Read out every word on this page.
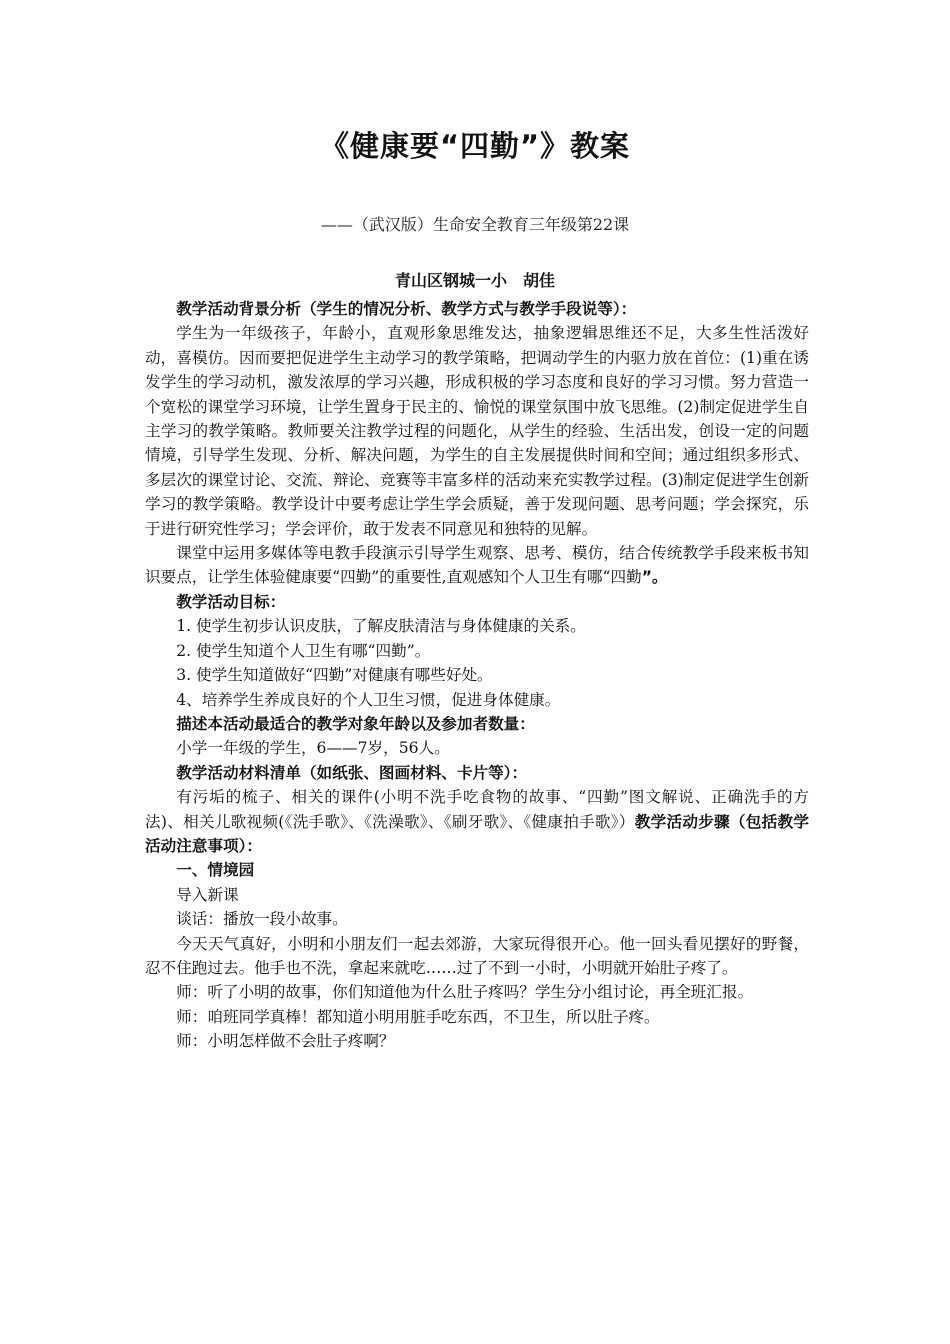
《健康要“四勤”》教案
——（武汉版）生命安全教育三年级第22课
青山区钢城一小　胡佳

教学活动背景分析（学生的情况分析、教学方式与教学手段说等）：

学生为一年级孩子，年龄小，直观形象思维发达，抽象逻辑思维还不足，大多生性活泼好动，喜模仿。因而要把促进学生主动学习的教学策略，把调动学生的内驱力放在首位：(1)重在诱发学生的学习动机，激发浓厚的学习兴趣，形成积极的学习态度和良好的学习习惯。努力营造一个宽松的课堂学习环境，让学生置身于民主的、愉悦的课堂氛围中放飞思维。(2)制定促进学生自主学习的教学策略。教师要关注教学过程的问题化，从学生的经验、生活出发，创设一定的问题情境，引导学生发现、分析、解决问题，为学生的自主发展提供时间和空间；通过组织多形式、多层次的课堂讨论、交流、辩论、竞赛等丰富多样的活动来充实教学过程。(3)制定促进学生创新学习的教学策略。教学设计中要考虑让学生学会质疑，善于发现问题、思考问题；学会探究，乐于进行研究性学习；学会评价，敢于发表不同意见和独特的见解。

课堂中运用多媒体等电教手段演示引导学生观察、思考、模仿，结合传统教学手段来板书知识要点，让学生体验健康要“四勤”的重要性,直观感知个人卫生有哪“四勤”。

教学活动目标：

1. 使学生初步认识皮肤，了解皮肤清洁与身体健康的关系。

2. 使学生知道个人卫生有哪“四勤”。

3. 使学生知道做好“四勤”对健康有哪些好处。

4、培养学生养成良好的个人卫生习惯，促进身体健康。

描述本活动最适合的教学对象年龄以及参加者数量：

小学一年级的学生，6——7岁，56人。

教学活动材料清单（如纸张、图画材料、卡片等）：

有污垢的梳子、相关的课件(小明不洗手吃食物的故事、“四勤”图文解说、正确洗手的方法)、相关儿歌视频(《洗手歌》、《洗澡歌》、《刷牙歌》、《健康拍手歌》）教学活动步骤（包括教学活动注意事项）：

一、情境园

导入新课

谈话：播放一段小故事。

今天天气真好，小明和小朋友们一起去郊游，大家玩得很开心。他一回头看见摆好的野餐，忍不住跑过去。他手也不洗，拿起来就吃……过了不到一小时，小明就开始肚子疼了。

师：听了小明的故事，你们知道他为什么肚子疼吗？学生分小组讨论，再全班汇报。

师：咱班同学真棒！都知道小明用脏手吃东西，不卫生，所以肚子疼。

师：小明怎样做不会肚子疼啊？
